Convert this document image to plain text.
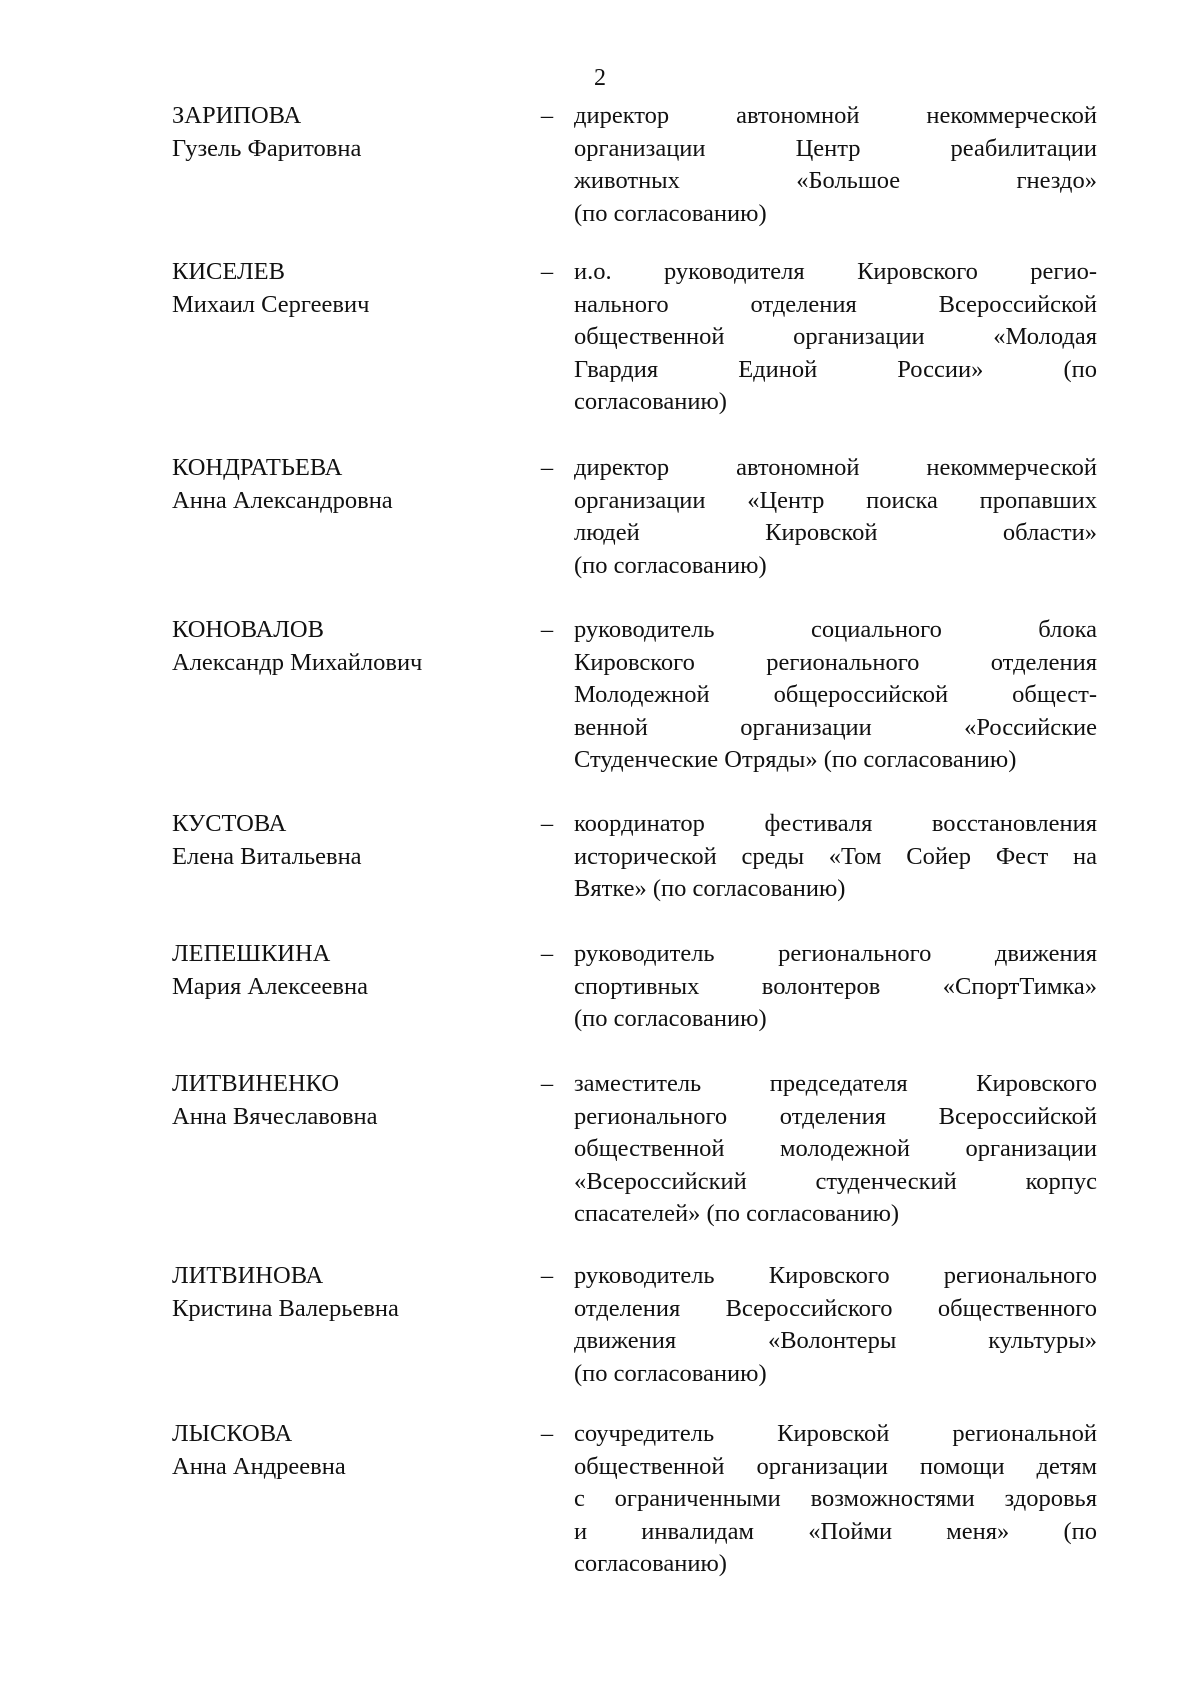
2
ЗАРИПОВА
Гузель Фаритовна
– директор автономной некоммерческой
организации Центр реабилитации
животных «Большое гнездо»
(по согласованию)
КИСЕЛЕВ
Михаил Сергеевич
– и.о. руководителя Кировского регио-
нального отделения Всероссийской
общественной организации «Молодая
Гвардия Единой России» (по
согласованию)
КОНДРАТЬЕВА
Анна Александровна
– директор автономной некоммерческой
организации «Центр поиска пропавших
людей Кировской области»
(по согласованию)
КОНОВАЛОВ
Александр Михайлович
– руководитель социального блока
Кировского регионального отделения
Молодежной общероссийской общест-
венной организации «Российские
Студенческие Отряды» (по согласованию)
КУСТОВА
Елена Витальевна
– координатор фестиваля восстановления
исторической среды «Том Сойер Фест на
Вятке» (по согласованию)
ЛЕПЕШКИНА
Мария Алексеевна
– руководитель регионального движения
спортивных волонтеров «СпортТимка»
(по согласованию)
ЛИТВИНЕНКО
Анна Вячеславовна
– заместитель председателя Кировского
регионального отделения Всероссийской
общественной молодежной организации
«Всероссийский студенческий корпус
спасателей» (по согласованию)
ЛИТВИНОВА
Кристина Валерьевна
– руководитель Кировского регионального
отделения Всероссийского общественного
движения «Волонтеры культуры»
(по согласованию)
ЛЫСКОВА
Анна Андреевна
– соучредитель Кировской региональной
общественной организации помощи детям
с ограниченными возможностями здоровья
и инвалидам «Пойми меня» (по
согласованию)
